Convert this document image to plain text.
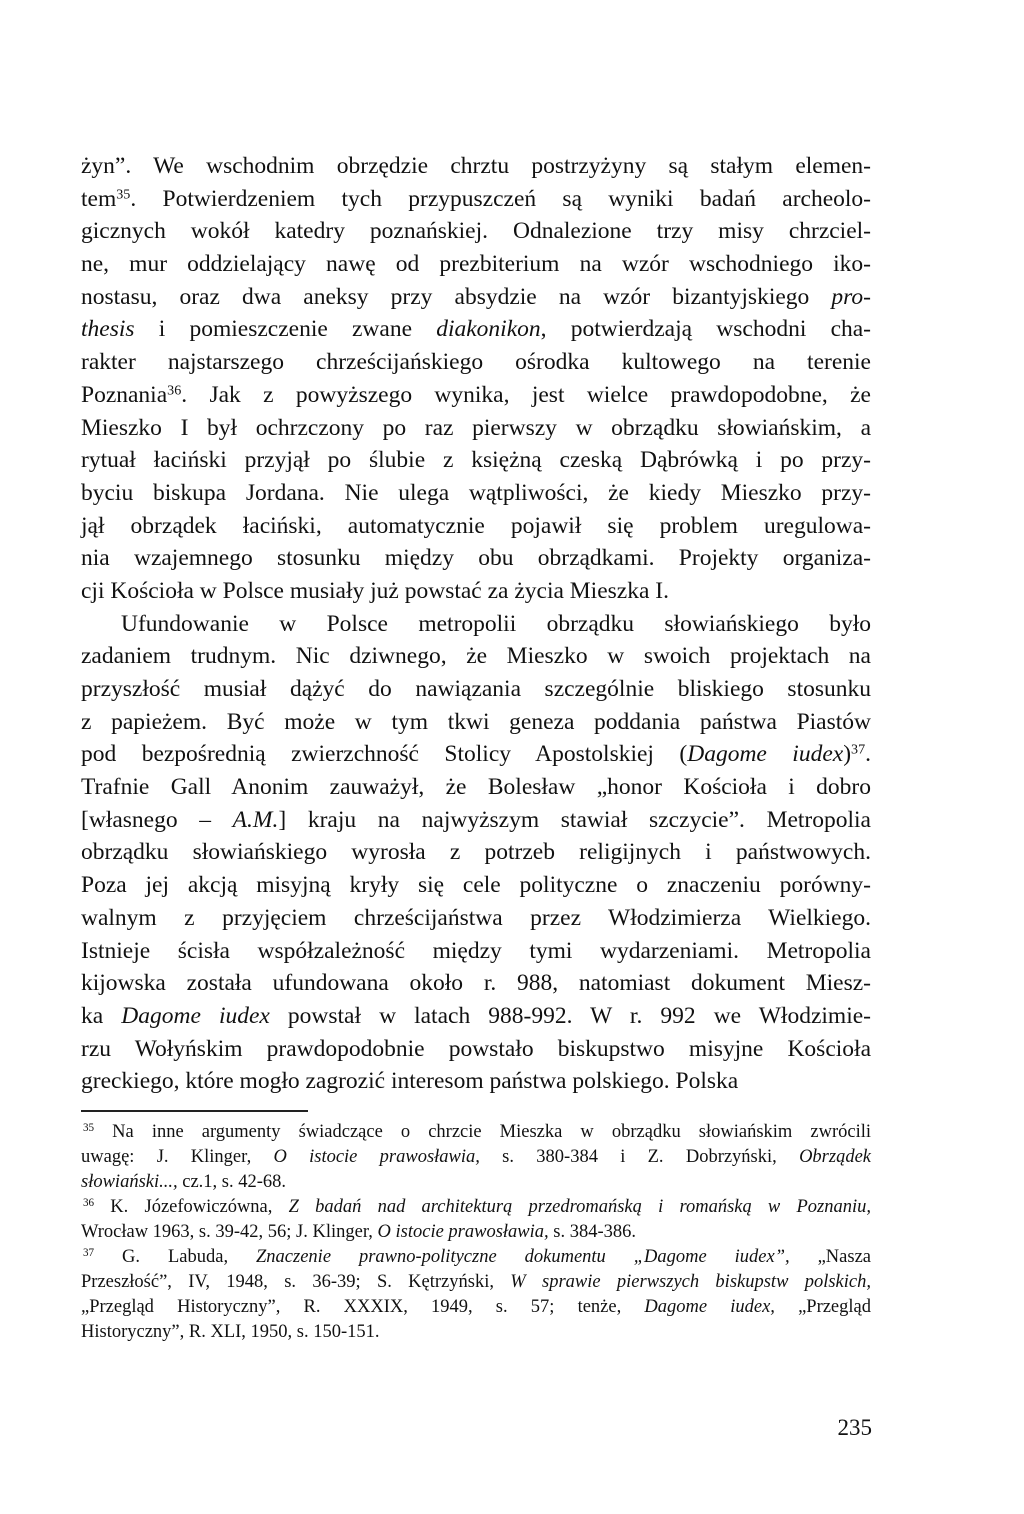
żyn”. We wschodnim obrzędzie chrztu postrzyżyny są stałym elemen-
tem$^{35}$. Potwierdzeniem tych przypuszczeń są wyniki badań archeolo-
gicznych wokół katedry poznańskiej. Odnalezione trzy misy chrzciel-
ne, mur oddzielający nawę od prezbiterium na wzór wschodniego iko-
nostasu, oraz dwa aneksy przy absydzie na wzór bizantyjskiego pro-
thesis i pomieszczenie zwane diakonikon, potwierdzają wschodni cha-
rakter najstarszego chrześcijańskiego ośrodka kultowego na terenie
Poznania$^{36}$. Jak z powyższego wynika, jest wielce prawdopodobne, że
Mieszko I był ochrzczony po raz pierwszy w obrządku słowiańskim, a
rytuał łaciński przyjął po ślubie z księżną czeską Dąbrówką i po przy-
byciu biskupa Jordana. Nie ulega wątpliwości, że kiedy Mieszko przy-
jął obrządek łaciński, automatycznie pojawił się problem uregulowa-
nia wzajemnego stosunku między obu obrządkami. Projekty organiza-
cji Kościoła w Polsce musiały już powstać za życia Mieszka I.
Ufundowanie w Polsce metropolii obrządku słowiańskiego było
zadaniem trudnym. Nic dziwnego, że Mieszko w swoich projektach na
przyszłość musiał dążyć do nawiązania szczególnie bliskiego stosunku
z papieżem. Być może w tym tkwi geneza poddania państwa Piastów
pod bezpośrednią zwierzchność Stolicy Apostolskiej (Dagome iudex)$^{37}$.
Trafnie Gall Anonim zauważył, że Bolesław „honor Kościoła i dobro
[własnego – A.M.] kraju na najwyższym stawiał szczycie”. Metropolia
obrządku słowiańskiego wyrosła z potrzeb religijnych i państwowych.
Poza jej akcją misyjną kryły się cele polityczne o znaczeniu porówny-
walnym z przyjęciem chrześcijaństwa przez Włodzimierza Wielkiego.
Istnieje ścisła współzależność między tymi wydarzeniami. Metropolia
kijowska została ufundowana około r. 988, natomiast dokument Miesz-
ka Dagome iudex powstał w latach 988-992. W r. 992 we Włodzimie-
rzu Wołyńskim prawdopodobnie powstało biskupstwo misyjne Kościoła
greckiego, które mogło zagrozić interesom państwa polskiego. Polska
$^{35}$ Na inne argumenty świadczące o chrzcie Mieszka w obrządku słowiańskim zwrócili
uwagę: J. Klinger, O istocie prawosławia, s. 380-384 i Z. Dobrzyński, Obrządek
słowiański..., cz.1, s. 42-68.
$^{36}$ K. Józefowiczówna, Z badań nad architekturą przedromańską i romańską w Poznaniu,
Wrocław 1963, s. 39-42, 56; J. Klinger, O istocie prawosławia, s. 384-386.
$^{37}$ G. Labuda, Znaczenie prawno-polityczne dokumentu „Dagome iudex”, „Nasza
Przeszłość”, IV, 1948, s. 36-39; S. Kętrzyński, W sprawie pierwszych biskupstw polskich,
„Przegląd Historyczny”, R. XXXIX, 1949, s. 57; tenże, Dagome iudex, „Przegląd
Historyczny”, R. XLI, 1950, s. 150-151.
235
